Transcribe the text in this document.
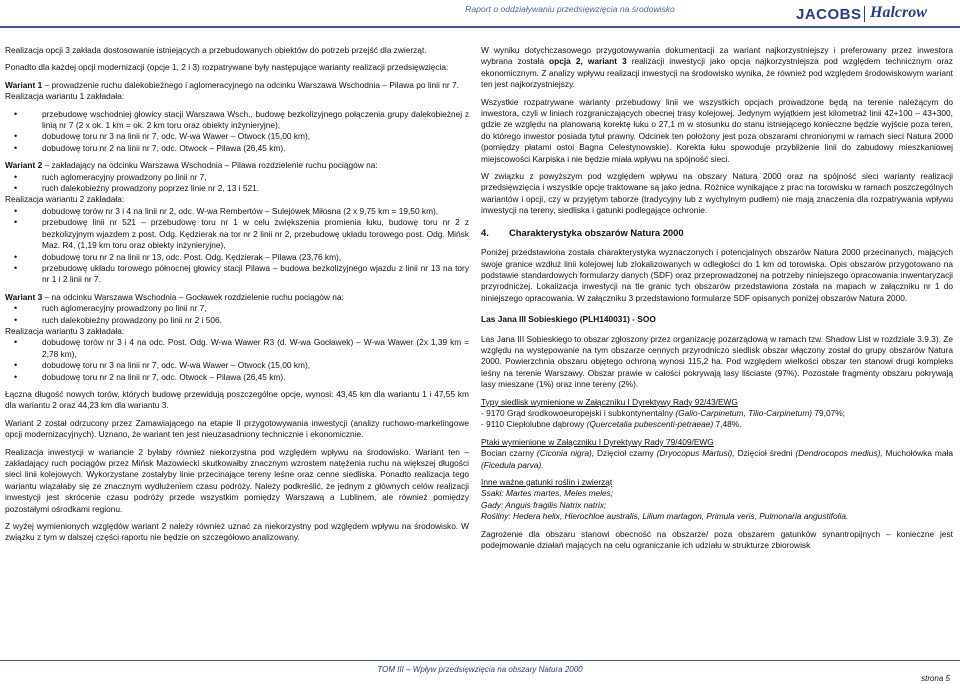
Raport o oddziaływaniu przedsięwzięcia na środowisko	JACOBS Halcrow

Realizacja opcji 3 zakłada dostosowanie istniejących a przebudowanych obiektów do potrzeb przejść dla zwierząt.

Ponadto dla każdej opcji modernizacji (opcje 1, 2 i 3) rozpatrywane były następujące warianty realizacji przedsięwzięcia:

Wariant 1 – prowadzenie ruchu dalekobieżnego i aglomeracyjnego na odcinku Warszawa Wschodnia – Pilawa po linii nr 7.
Realizacja wariantu 1 zakładała:

• przebudowę wschodniej głowicy stacji Warszawa Wsch., budowę bezkolizyjnego połączenia grupy dalekobieżnej z linią nr 7 (2 x ok. 1 km = ok. 2 km toru oraz obiekty inżynieryjne),
• dobudowę toru nr 3 na linii nr 7, odc. W-wa Wawer – Otwock (15,00 km),
• dobudowę toru nr 2 na linii nr 7, odc. Otwock – Pilawa (26,45 km).

Wariant 2 – zakładający na odcinku Warszawa Wschodnia – Pilawa rozdzielenie ruchu pociągów na:

• ruch aglomeracyjny prowadzony po linii nr 7,
• ruch dalekobieżny prowadzony poprzez linie nr 2, 13 i 521.

Realizacja wariantu 2 zakładała:

• dobudowę torów nr 3 i 4 na linii nr 2, odc. W-wa Rembertów – Sulejówek Miłosna (2 x 9,75 km = 19,50 km),
• przebudowę linii nr 521 – przebudowę toru nr 1 w celu zwiększenia promienia łuku, budowę toru nr 2 z bezkolizyjnym wjazdem z post. Odg. Kędzierak na tor nr 2 linii nr 2, przebudowę układu torowego post. Odg. Mińsk Maz. R4, (1,19 km toru oraz obiekty inżynieryjne),
• dobudowę toru nr 2 na linii nr 13, odc. Post. Odg. Kędzierak – Pilawa (23,76 km),
• przebudowę układu torowego północnej głowicy stacji Pilawa – budowa bezkolizyjnego wjazdu z linii nr 13 na tory nr 1 i 2 linii nr 7.

Wariant 3 – na odcinku Warszawa Wschodnia – Gocławek rozdzielenie ruchu pociągów na:

• ruch aglomeracyjny prowadzony po linii nr 7,
• ruch dalekobieżny prowadzony po linii nr 2 i 506.

Realizacja wariantu 3 zakładała:

• dobudowę torów nr 3 i 4 na odc. Post. Odg. W-wa Wawer R3 (d. W-wa Gocławek) – W-wa Wawer (2x 1,39 km = 2,78 km),
• dobudowę toru nr 3 na linii nr 7, odc. W-wa Wawer – Otwock (15,00 km),
• dobudowę toru nr 2 na linii nr 7, odc. Otwock – Pilawa (26,45 km).

Łączna długość nowych torów, których budowę przewidują poszczególne opcje, wynosi: 43,45 km dla wariantu 1 i 47,55 km dla wariantu 2 oraz 44,23 km dla wariantu 3.

Wariant 2 został odrzucony przez Zamawiającego na etapie II przygotowywania inwestycji (analizy ruchowo-marketingowe opcji modernizacyjnych). Uznano, że wariant ten jest nieuzasadniony technicznie i ekonomicznie.

Realizacja inwestycji w wariancie 2 byłaby również niekorzystna pod względem wpływu na środowisko. Wariant ten – zakładający ruch pociągów przez Mińsk Mazowiecki skutkowałby znacznym wzrostem natężenia ruchu na większej długości sieci linii kolejowych. Wykorzystane zostałyby linie przecinające tereny leśne oraz cenne siedliska. Ponadto realizacja tego wariantu wiązałaby się ze znacznym wydłużeniem czasu podróży. Należy podkreślić, że jednym z głównych celów realizacji inwestycji jest skrócenie czasu podróży przede wszystkim pomiędzy Warszawą a Lublinem, ale również pomiędzy pozostałymi ośrodkami regionu.

Z wyżej wymienionych względów wariant 2 należy również uznać za niekorzystny pod względem wpływu na środowisko. W związku z tym w dalszej części raportu nie będzie on szczegółowo analizowany.

W wyniku dotychczasowego przygotowywania dokumentacji za wariant najkorzystniejszy i preferowany przez inwestora wybrana została opcja 2, wariant 3 realizacji inwestycji jako opcja najkorzystniejsza pod względem technicznym oraz ekonomicznym. Z analizy wpływu realizacji inwestycji na środowisko wynika, że również pod względem środowiskowym wariant ten jest najkorzystniejszy.

Wszystkie rozpatrywane warianty przebudowy linii we wszystkich opcjach prowadzone będą na terenie należącym do inwestora, czyli w liniach rozgraniczających obecnej trasy kolejowej. Jedynym wyjątkiem jest kilometraż linii 42+100 – 43+300, gdzie ze względu na planowaną korektę łuku o 27,1 m w stosunku do stanu istniejącego konieczne będzie wyjście poza teren, do którego inwestor posiada tytuł prawny. Odcinek ten położony jest poza obszarami chronionymi w ramach sieci Natura 2000 (pomiędzy płatami ostoi Bagna Celestynowskie). Korekta łuku spowoduje przybliżenie linii do zabudowy mieszkaniowej miejscowości Karpiska i nie będzie miała wpływu na spójność sieci.

W związku z powyższym pod względem wpływu na obszary Natura 2000 oraz na spójność sieci warianty realizacji przedsięwzięcia i wszystkie opcje traktowane są jako jedna. Różnice wynikające z prac na torowisku w ramach poszczególnych wariantów i opcji, czy w przyjętym taborze (tradycyjny lub z wychylnym pudłem) nie mają znaczenia dla rozpatrywania wpływu inwestycji na tereny, siedliska i gatunki podlegające ochronie.

4. Charakterystyka obszarów Natura 2000

Poniżej przedstawiona została charakterystyka wyznaczonych i potencjalnych obszarów Natura 2000 przecinanych, mających swoje granice wzdłuż linii kolejowej lub zlokalizowanych w odległości do 1 km od torowiska. Opis obszarów przygotowano na podstawie standardowych formularzy danych (SDF) oraz przeprowadzonej na potrzeby niniejszego opracowania inwentaryzacji przyrodniczej. Lokalizacja inwestycji na tle granic tych obszarów przedstawiona została na mapach w załączniku nr 1 do niniejszego opracowania. W załączniku 3 przedstawiono formularze SDF opisanych poniżej obszarów Natura 2000.

Las Jana III Sobieskiego (PLH140031) - SOO

Las Jana III Sobieskiego to obszar zgłoszony przez organizację pozarządową w ramach tzw. Shadow List w rozdziale 3.9.3). Ze względu na występowanie na tym obszarze cennych przyrodniczo siedlisk obszar włączony został do grupy obszarów Natura 2000. Powierzchnia obszaru objętego ochroną wynosi 115,2 ha. Pod względem wielkości obszar ten stanowi drugi kompleks leśny na terenie Warszawy. Obszar prawie w całości pokrywają lasy liściaste (97%). Pozostałe fragmenty obszaru pokrywają lasy mieszane (1%) oraz inne tereny (2%).

Typy siedlisk wymienione w Załączniku I Dyrektywy Rady 92/43/EWG

- 9170 Grąd środkowoeuropejski i subkontynentalny (Galio-Carpinetum, Tilio-Carpinetum) 79,07%;

- 9110 Ciepłolubne dąbrowy (Quercetalia pubescenti-petraeae) 7,48%.

Ptaki wymienione w Załączniku I Dyrektywy Rady 79/409/EWG

Bocian czarny (Ciconia nigra), Dzięcioł czarny (Dryocopus Martusi), Dzięcioł średni (Dendrocopos medius), Muchołówka mała (Ficedula parva).

Inne ważne gatunki roślin i zwierząt

Ssaki: Martes martes, Meles meles;

Gady: Anguis fragilis Natrix natrix;

Rośliny: Hedera helix, Hierochloe australis, Lilium martagon, Primula veris, Pulmonaria angustifolia.

Zagrożenie dla obszaru stanowi obecność na obszarze/ poza obszarem gatunków synantropijnych – konieczne jest podejmowanie działań mających na celu ograniczanie ich udziału w strukturze zbiorowisk

TOM III – Wpływ przedsięwzięcia na obszary Natura 2000
strona 5
